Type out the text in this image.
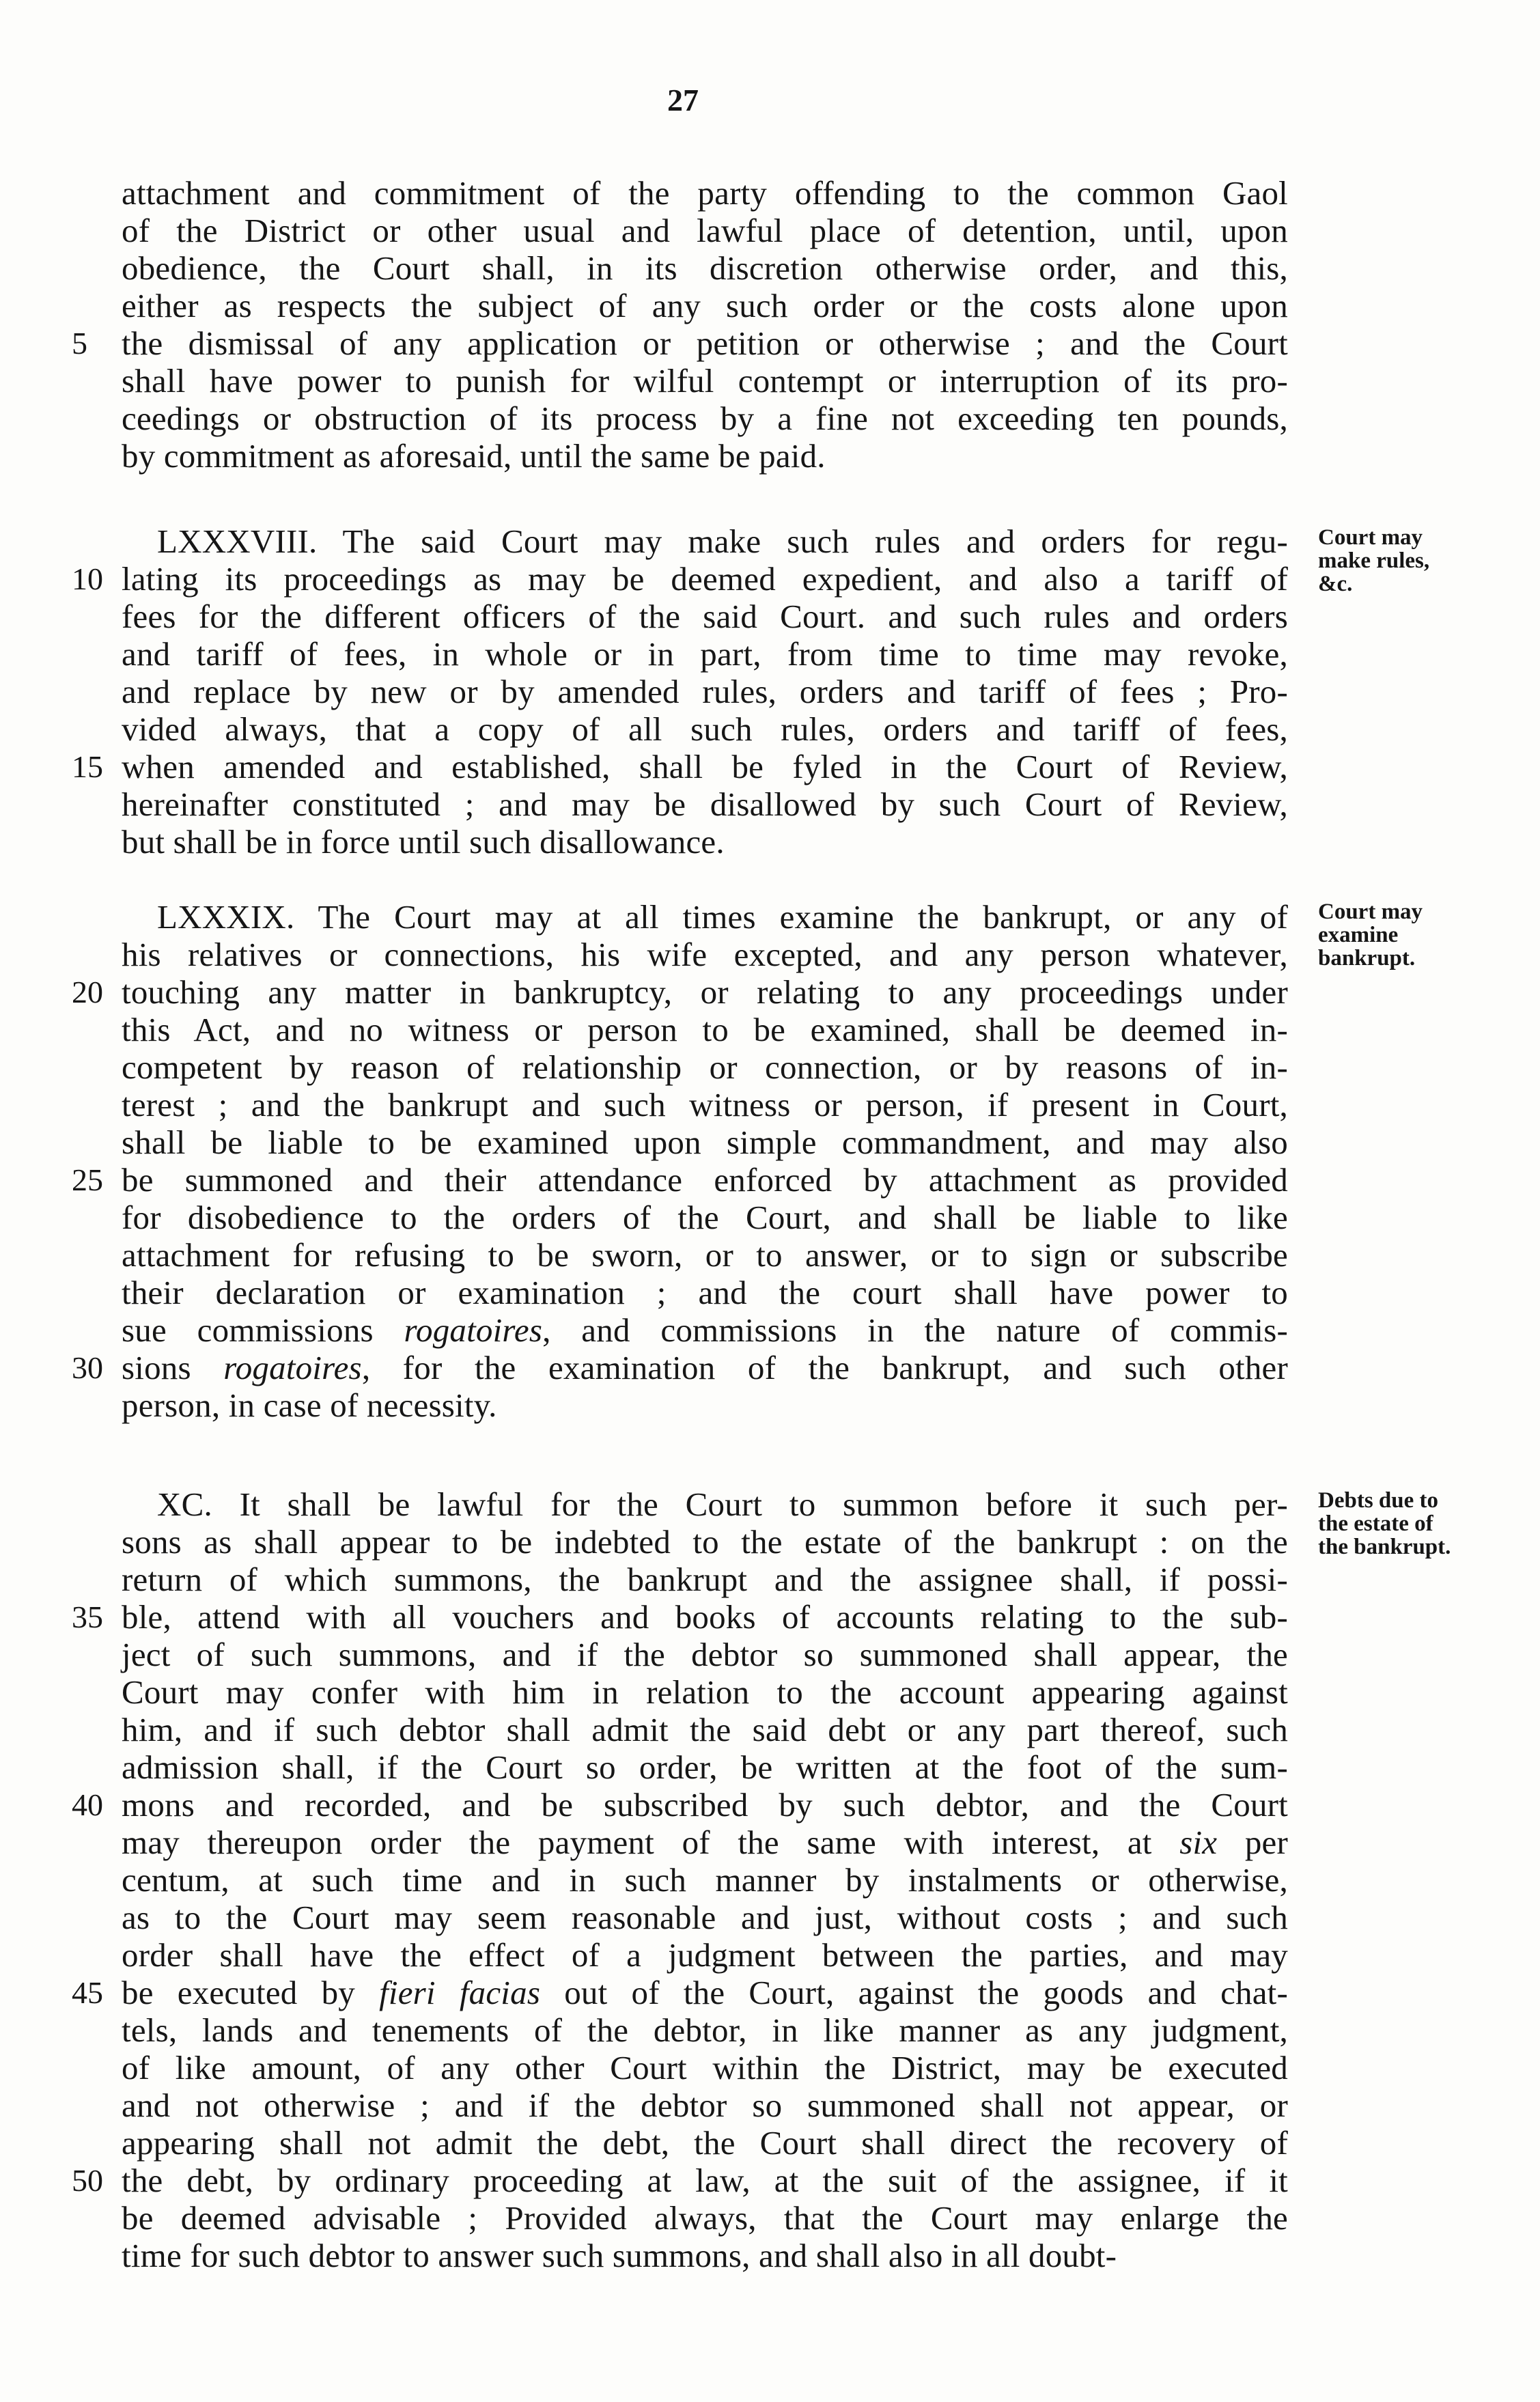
27
attachment and commitment of the party offending to the common Gaol
of the District or other usual and lawful place of detention, until, upon
obedience, the Court shall, in its discretion otherwise order, and this,
either as respects the subject of any such order or the costs alone upon
the dismissal of any application or petition or otherwise ; and the Court
5
shall have power to punish for wilful contempt or interruption of its pro-
ceedings or obstruction of its process by a fine not exceeding ten pounds,
by commitment as aforesaid, until the same be paid.
LXXXVIII. The said Court may make such rules and orders for regu-
lating its proceedings as may be deemed expedient, and also a tariff of
10
fees for the different officers of the said Court. and such rules and orders
and tariff of fees, in whole or in part, from time to time may revoke,
and replace by new or by amended rules, orders and tariff of fees ; Pro-
vided always, that a copy of all such rules, orders and tariff of fees,
when amended and established, shall be fyled in the Court of Review,
15
hereinafter constituted ; and may be disallowed by such Court of Review,
but shall be in force until such disallowance.
Court may
make rules,
&c.
LXXXIX. The Court may at all times examine the bankrupt, or any of
his relatives or connections, his wife excepted, and any person whatever,
touching any matter in bankruptcy, or relating to any proceedings under
20
this Act, and no witness or person to be examined, shall be deemed in-
competent by reason of relationship or connection, or by reasons of in-
terest ; and the bankrupt and such witness or person, if present in Court,
shall be liable to be examined upon simple commandment, and may also
be summoned and their attendance enforced by attachment as provided
25
for disobedience to the orders of the Court, and shall be liable to like
attachment for refusing to be sworn, or to answer, or to sign or subscribe
their declaration or examination ; and the court shall have power to
sue commissions rogatoires, and commissions in the nature of commis-
sions rogatoires, for the examination of the bankrupt, and such other
30
person, in case of necessity.
Court may
examine
bankrupt.
XC. It shall be lawful for the Court to summon before it such per-
sons as shall appear to be indebted to the estate of the bankrupt : on the
return of which summons, the bankrupt and the assignee shall, if possi-
ble, attend with all vouchers and books of accounts relating to the sub-
35
ject of such summons, and if the debtor so summoned shall appear, the
Court may confer with him in relation to the account appearing against
him, and if such debtor shall admit the said debt or any part thereof, such
admission shall, if the Court so order, be written at the foot of the sum-
mons and recorded, and be subscribed by such debtor, and the Court
40
may thereupon order the payment of the same with interest, at six per
centum, at such time and in such manner by instalments or otherwise,
as to the Court may seem reasonable and just, without costs ; and such
order shall have the effect of a judgment between the parties, and may
be executed by fieri facias out of the Court, against the goods and chat-
45
tels, lands and tenements of the debtor, in like manner as any judgment,
of like amount, of any other Court within the District, may be executed
and not otherwise ; and if the debtor so summoned shall not appear, or
appearing shall not admit the debt, the Court shall direct the recovery of
the debt, by ordinary proceeding at law, at the suit of the assignee, if it
50
be deemed advisable ; Provided always, that the Court may enlarge the
time for such debtor to answer such summons, and shall also in all doubt-
Debts due to
the estate of
the bankrupt.
